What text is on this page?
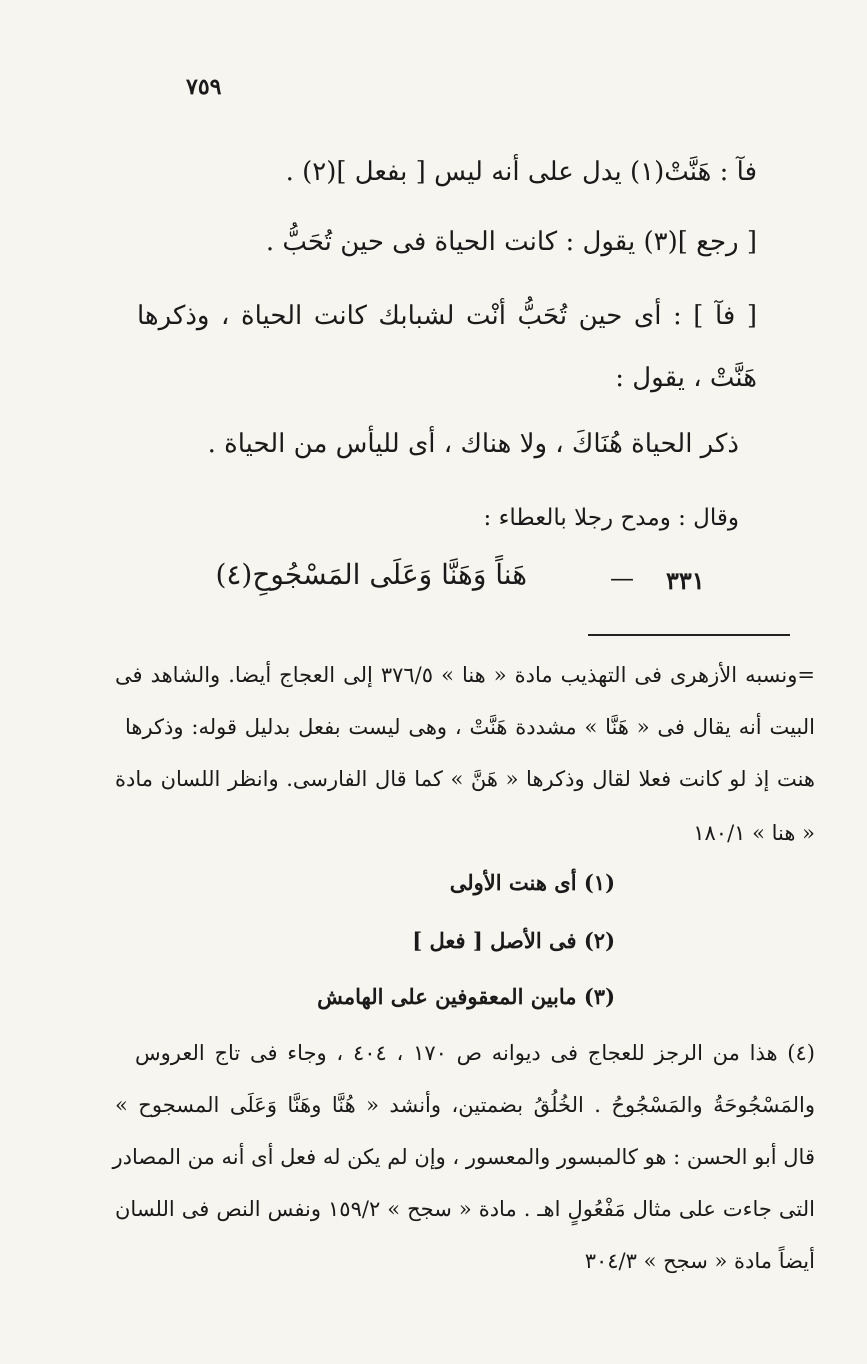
٧٥٩
فآ : هَنَّتْ(١) يدل على أنه ليس [ بفعل ](٢) .
[ رجع ](٣) يقول : كانت الحياة فى حين تُحَبُّ .
[ فآ ] : أى حين تُحَبُّ أنْت لشبابك كانت الحياة ، وذكرها
هَنَّتْ ، يقول :
ذكر الحياة هُنَاكَ ، ولا هناك ، أى لليأس من الحياة .
وقال : ومدح رجلا بالعطاء :
٣٣١
—
هَناً وَهَنَّا وَعَلَى المَسْجُوحِ(٤)
=ونسبه الأزهرى فى التهذيب مادة « هنا » ٣٧٦/٥ إلى العجاج أيضا. والشاهد فى
البيت أنه يقال فى « هَنَّا » مشددة هَنَّتْ ، وهى ليست بفعل بدليل قوله: وذكرها
هنت إذ لو كانت فعلا لقال وذكرها « هَنَّ » كما قال الفارسى. وانظر اللسان مادة
« هنا » ١٨٠/١
(١) أى هنت الأولى
(٢) فى الأصل [ فعل ]
(٣) مابين المعقوفين على الهامش
(٤) هذا من الرجز للعجاج فى ديوانه ص ١٧٠ ، ٤٠٤ ، وجاء فى تاج العروس
والمَسْجُوحَةُ والمَسْجُوحُ . الخُلُقُ بضمتين، وأنشد « هُنَّا وهَنَّا وَعَلَى المسجوح »
قال أبو الحسن : هو كالمبسور والمعسور ، وإن لم يكن له فعل أى أنه من المصادر
التى جاءت على مثال مَفْعُولٍ اهـ . مادة « سجح » ١٥٩/٢ ونفس النص فى اللسان
أيضاً مادة « سجح » ٣٠٤/٣
